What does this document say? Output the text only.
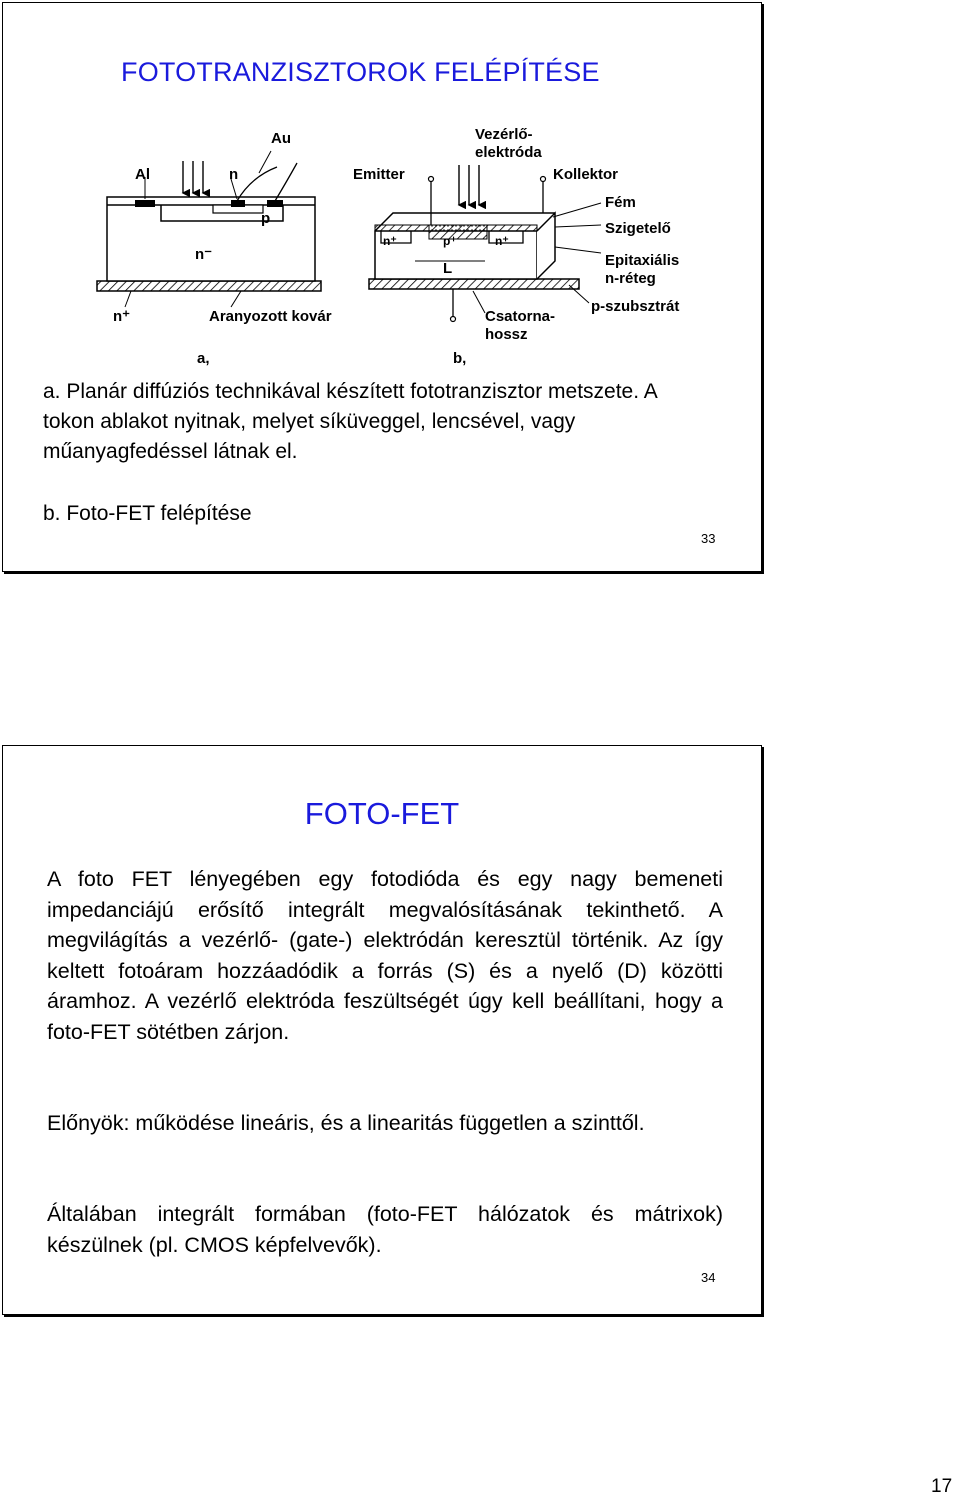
FOTOTRANZISZTOROK FELÉPÍTÉSE
Au
Al	n
p
n⁻
n⁺	Aranyozott kovár
a,
Vezérlő-
elektróda
Emitter	Kollektor
Fém
Szigetelő
Epitaxiális
n-réteg
p-szubsztrát
Csatorna-
hossz
L
n⁺	p⁺	n⁺
b,
a. Planár diffúziós technikával készített fototranzisztor metszete. A tokon ablakot nyitnak, melyet síküveggel, lencsével, vagy műanyagfedéssel látnak el.
b. Foto-FET felépítése
33
FOTO-FET

A foto FET lényegében egy fotodióda és egy nagy bemeneti impedanciájú erősítő integrált megvalósításának tekinthető. A megvilágítás a vezérlő- (gate-) elektródán keresztül történik. Az így keltett fotoáram hozzáadódik a forrás (S) és a nyelő (D) közötti áramhoz. A vezérlő elektróda feszültségét úgy kell beállítani, hogy a foto-FET sötétben zárjon.

Előnyök: működése lineáris, és a linearitás független a szinttől.

Általában integrált formában (foto-FET hálózatok és mátrixok) készülnek (pl. CMOS képfelvevők).

34
17
